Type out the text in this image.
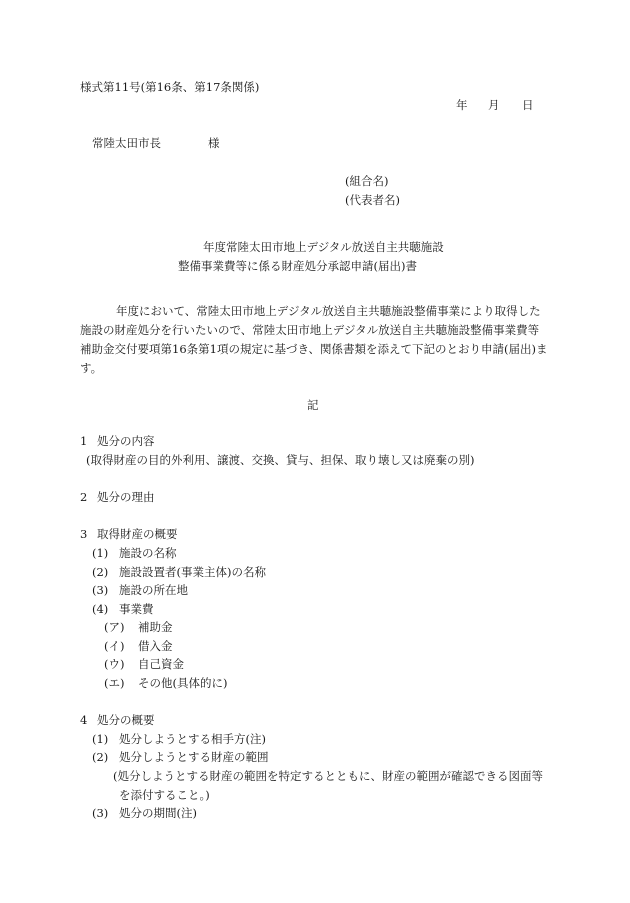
様式第11号(第16条、第17条関係)
年 月 日
常陸太田市長	様
(組合名)
(代表者名)
年度常陸太田市地上デジタル放送自主共聴施設
整備事業費等に係る財産処分承認申請(届出)書
年度において、常陸太田市地上デジタル放送自主共聴施設整備事業により取得した施設の財産処分を行いたいので、常陸太田市地上デジタル放送自主共聴施設整備事業費等補助金交付要項第16条第1項の規定に基づき、関係書類を添えて下記のとおり申請(届出)ます。
記
1 処分の内容
(取得財産の目的外利用、譲渡、交換、貸与、担保、取り壊し又は廃棄の別)
2 処分の理由
3 取得財産の概要
(1) 施設の名称
(2) 施設設置者(事業主体)の名称
(3) 施設の所在地
(4) 事業費
(ア) 補助金
(イ) 借入金
(ウ) 自己資金
(エ) その他(具体的に)
4 処分の概要
(1) 処分しようとする相手方(注)
(2) 処分しようとする財産の範囲
(処分しようとする財産の範囲を特定するとともに、財産の範囲が確認できる図面等
を添付すること。)
(3) 処分の期間(注)
